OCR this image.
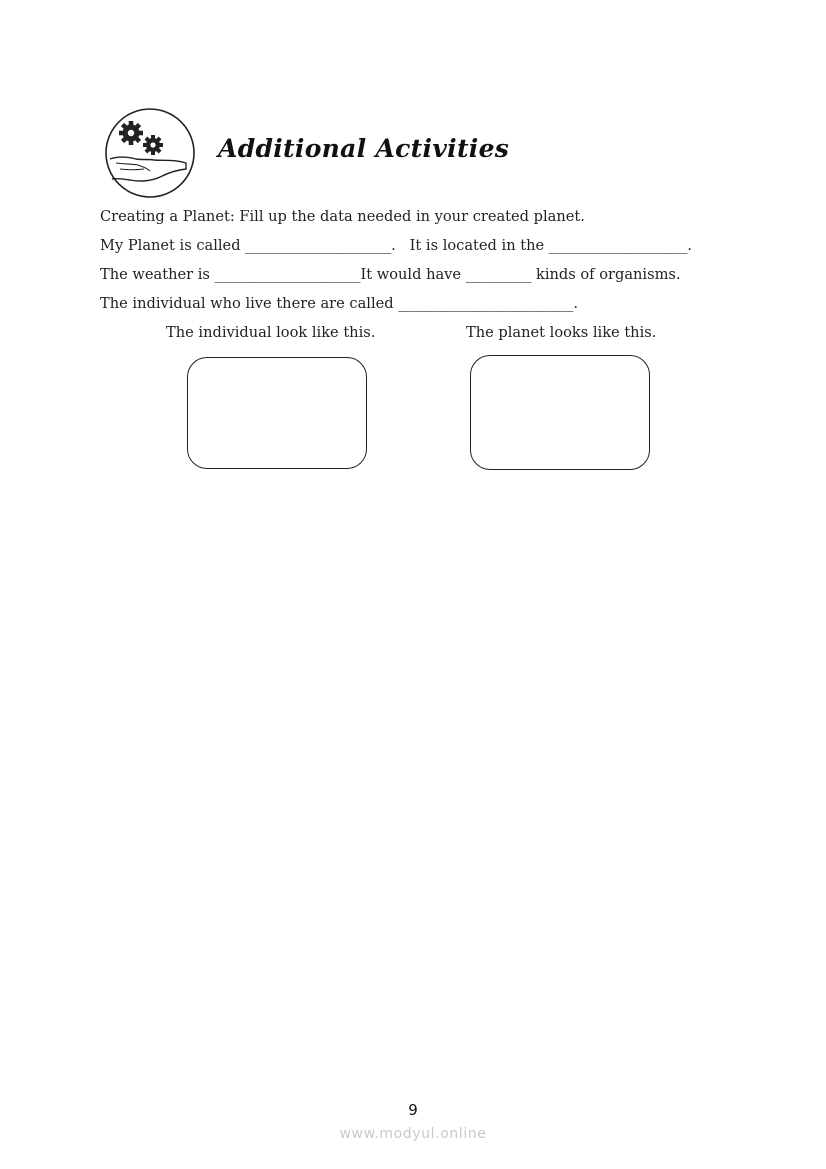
Additional Activities
Creating a Planet: Fill up the data needed in your created planet.
My Planet is called ____________________.   It is located in the ___________________.
The weather is ____________________It would have _________ kinds of organisms.
The individual who live there are called ________________________.
The individual look like this.	The planet looks like this.
9
www.modyul.online
